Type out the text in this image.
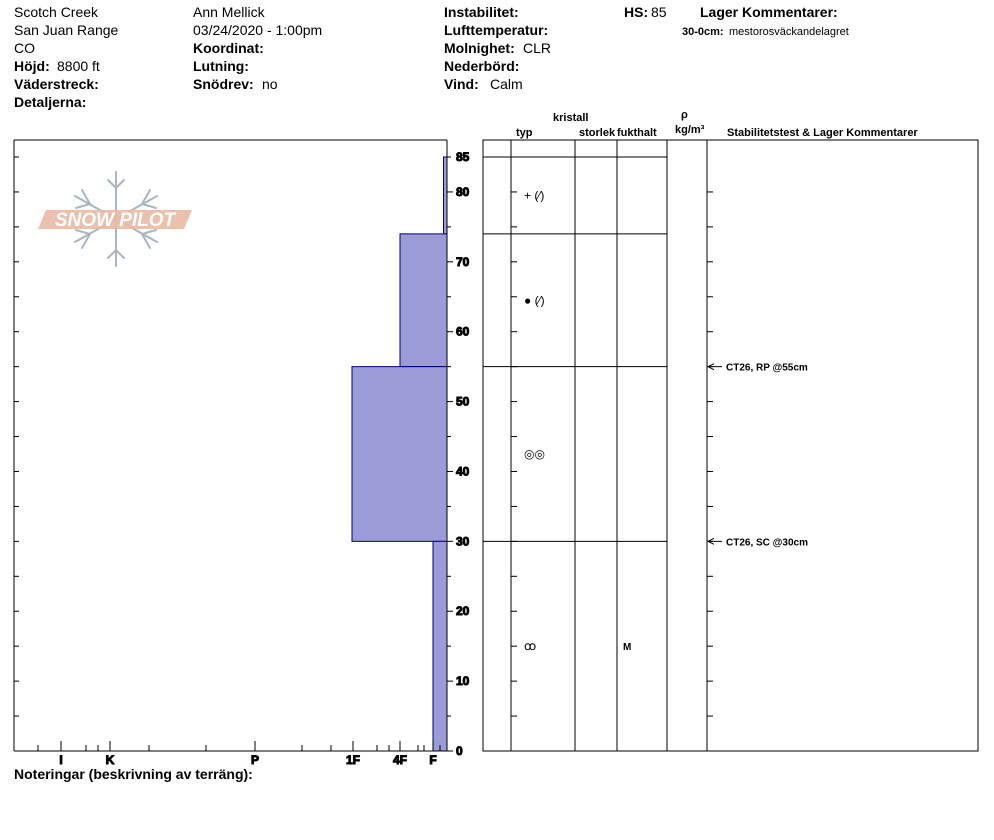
Scotch Creek
San Juan Range
CO
Höjd: 8800 ft
Väderstreck:
Detaljerna:
Ann Mellick
03/24/2020 - 1:00pm
Koordinat:
Lutning:
Snödrev: no
Instabilitet:
Lufttemperatur:
Molnighet: CLR
Nederbörd:
Vind: Calm
HS: 85 Lager Kommentarer:
30-0cm: mestorosväckandelagret
kristall
typ	storlek fukthalt
ρ
kg/m³ Stabilitetstest & Lager Kommentarer
Noteringar (beskrivning av terräng):
SNOW PILOT
0
10
20
30
40
50
60
70
80
85
I	K	P	1F	4F F
+ (⁄)
● (⁄)
◎◎
ꝏ	M
CT26, RP @55cm
CT26, SC @30cm
